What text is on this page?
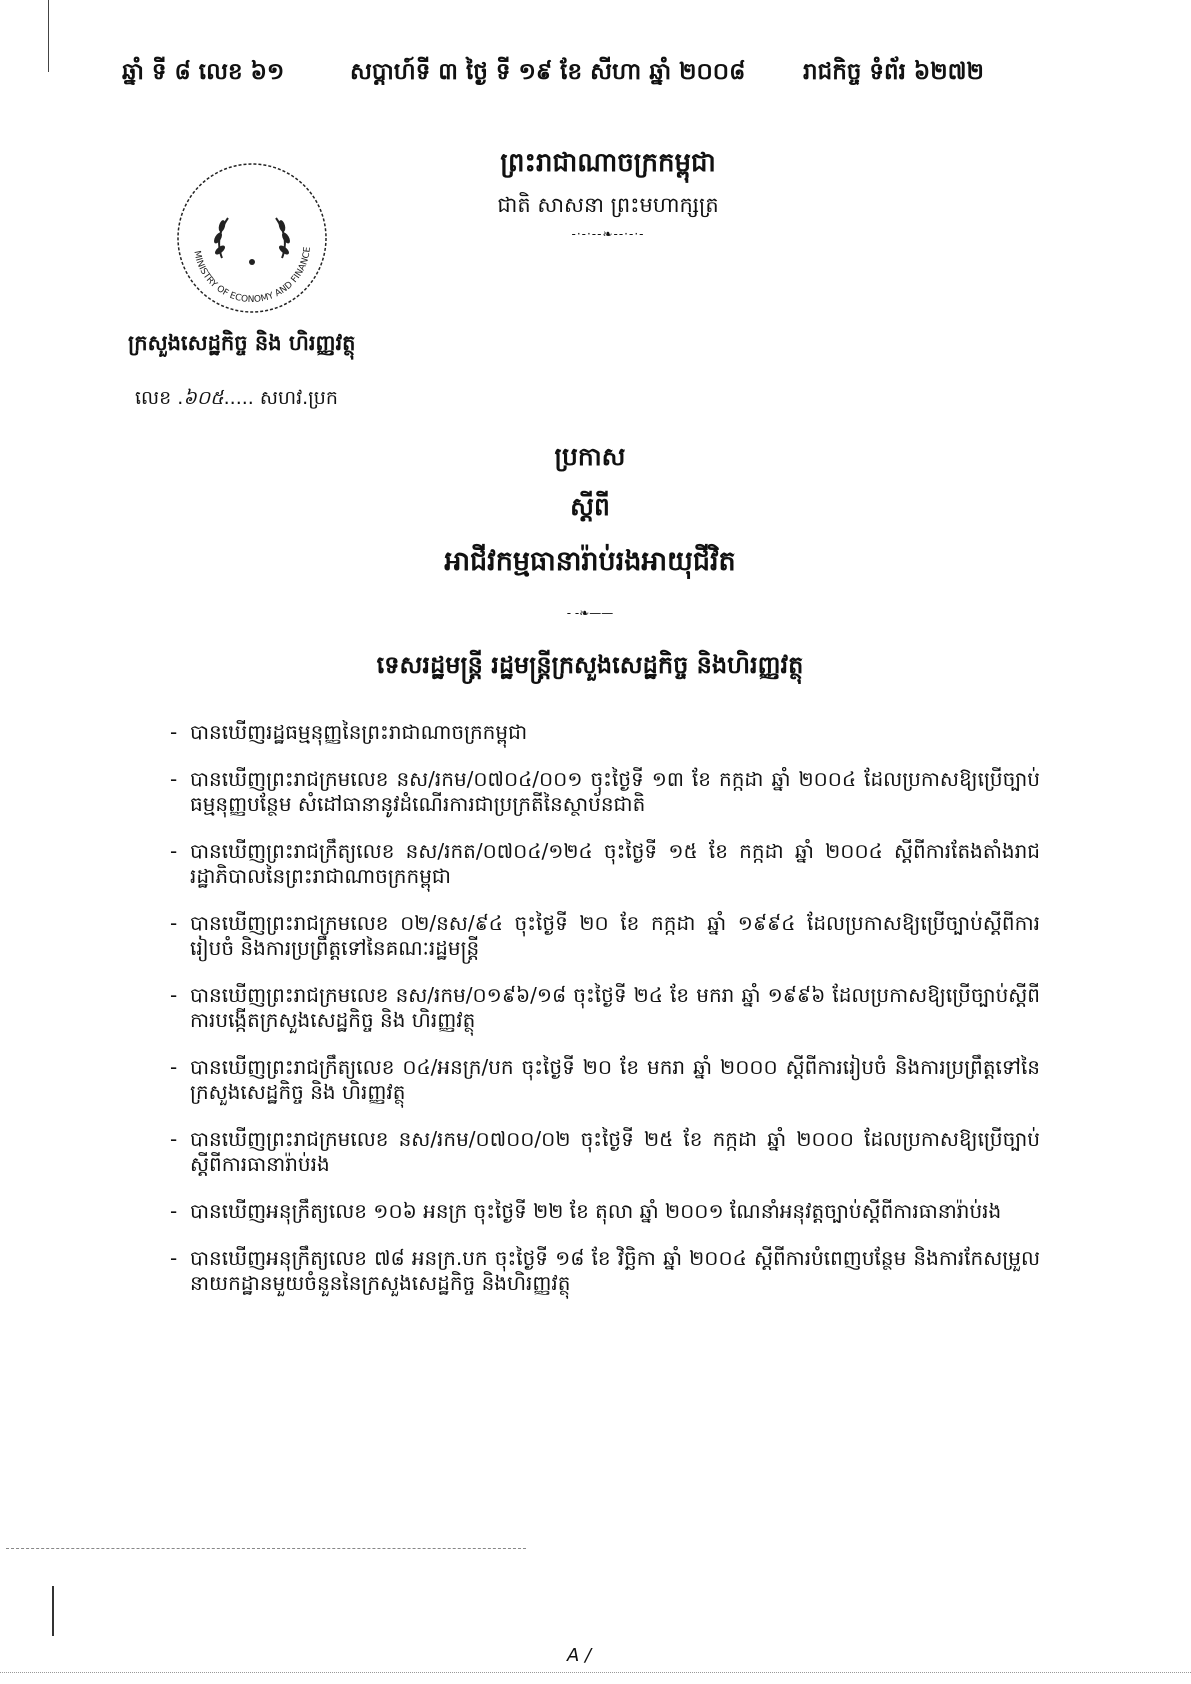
ឆ្នាំ ទី ៨ លេខ ៦១	សប្តាហ៍ទី ៣ ថ្ងៃ ទី ១៩ ខែ សីហា ឆ្នាំ ២០០៨	រាជកិច្ច ទំព័រ ៦២៧២
ព្រះរាជាណាចក្រកម្ពុជា
ជាតិ សាសនា ព្រះមហាក្សត្រ
-·-·--❧--·-·-
MINISTRY OF ECONOMY AND FINANCE
ក្រសួងសេដ្ឋកិច្ច និង ហិរញ្ញវត្ថុ
លេខ .៦០៥..... សហវ.ប្រក
ប្រកាស
ស្តីពី
អាជីវកម្មធានារ៉ាប់រងអាយុជីវិត
- -❧——
ទេសរដ្ឋមន្ត្រី រដ្ឋមន្ត្រីក្រសួងសេដ្ឋកិច្ច និងហិរញ្ញវត្ថុ
- បានឃើញរដ្ឋធម្មនុញ្ញនៃព្រះរាជាណាចក្រកម្ពុជា
- បានឃើញព្រះរាជក្រមលេខ នស/រកម/០៧០៤/០០១ ចុះថ្ងៃទី ១៣ ខែ កក្កដា ឆ្នាំ ២០០៤ ដែលប្រកាសឱ្យប្រើច្បាប់ធម្មនុញ្ញបន្ថែម សំដៅធានានូវដំណើរការជាប្រក្រតីនៃស្ថាប័នជាតិ
- បានឃើញព្រះរាជក្រឹត្យលេខ នស/រកត/០៧០៤/១២៤ ចុះថ្ងៃទី ១៥ ខែ កក្កដា ឆ្នាំ ២០០៤ ស្តីពីការតែងតាំងរាជរដ្ឋាភិបាលនៃព្រះរាជាណាចក្រកម្ពុជា
- បានឃើញព្រះរាជក្រមលេខ ០២/នស/៩៤ ចុះថ្ងៃទី ២០ ខែ កក្កដា ឆ្នាំ ១៩៩៤ ដែលប្រកាសឱ្យប្រើច្បាប់ស្តីពីការរៀបចំ និងការប្រព្រឹត្តទៅនៃគណៈរដ្ឋមន្ត្រី
- បានឃើញព្រះរាជក្រមលេខ នស/រកម/០១៩៦/១៨ ចុះថ្ងៃទី ២៤ ខែ មករា ឆ្នាំ ១៩៩៦ ដែលប្រកាសឱ្យប្រើច្បាប់ស្តីពីការបង្កើតក្រសួងសេដ្ឋកិច្ច និង ហិរញ្ញវត្ថុ
- បានឃើញព្រះរាជក្រឹត្យលេខ ០៤/អនក្រ/បក ចុះថ្ងៃទី ២០ ខែ មករា ឆ្នាំ ២០០០ ស្តីពីការរៀបចំ និងការប្រព្រឹត្តទៅនៃក្រសួងសេដ្ឋកិច្ច និង ហិរញ្ញវត្ថុ
- បានឃើញព្រះរាជក្រមលេខ នស/រកម/០៧០០/០២ ចុះថ្ងៃទី ២៥ ខែ កក្កដា ឆ្នាំ ២០០០ ដែលប្រកាសឱ្យប្រើច្បាប់ស្តីពីការធានារ៉ាប់រង
- បានឃើញអនុក្រឹត្យលេខ ១០៦ អនក្រ ចុះថ្ងៃទី ២២ ខែ តុលា ឆ្នាំ ២០០១ ណែនាំអនុវត្តច្បាប់ស្តីពីការធានារ៉ាប់រង
- បានឃើញអនុក្រឹត្យលេខ ៧៨ អនក្រ.បក ចុះថ្ងៃទី ១៨ ខែ វិច្ឆិកា ឆ្នាំ ២០០៤ ស្តីពីការបំពេញបន្ថែម និងការកែសម្រួលនាយកដ្ឋានមួយចំនួននៃក្រសួងសេដ្ឋកិច្ច និងហិរញ្ញវត្ថុ
A /
